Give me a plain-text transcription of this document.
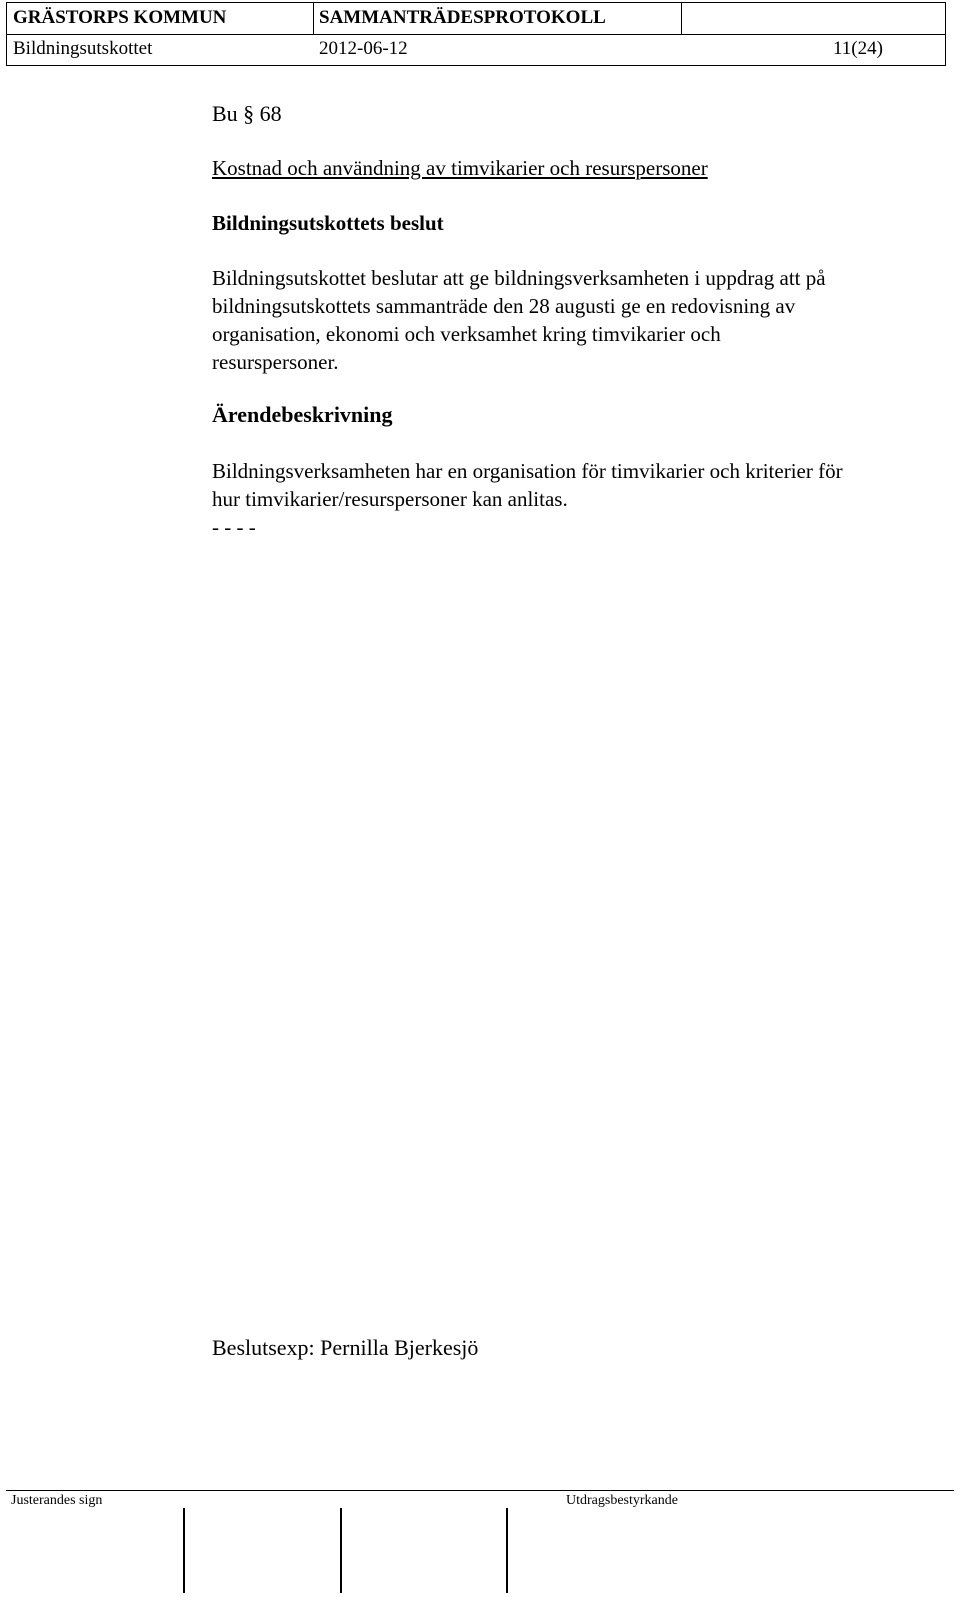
GRÄSTORPS KOMMUN	SAMMANTRÄDESPROTOKOLL
Bildningsutskottet	2012-06-12	11(24)
Bu § 68
Kostnad och användning av timvikarier och resurspersoner
Bildningsutskottets beslut
Bildningsutskottet beslutar att ge bildningsverksamheten i uppdrag att på
bildningsutskottets sammanträde den 28 augusti ge en redovisning av
organisation, ekonomi och verksamhet kring timvikarier och
resurspersoner.
Ärendebeskrivning
Bildningsverksamheten har en organisation för timvikarier och kriterier för
hur timvikarier/resurspersoner kan anlitas.
- - - -
Beslutsexp: Pernilla Bjerkesjö
Justerandes sign	Utdragsbestyrkande
